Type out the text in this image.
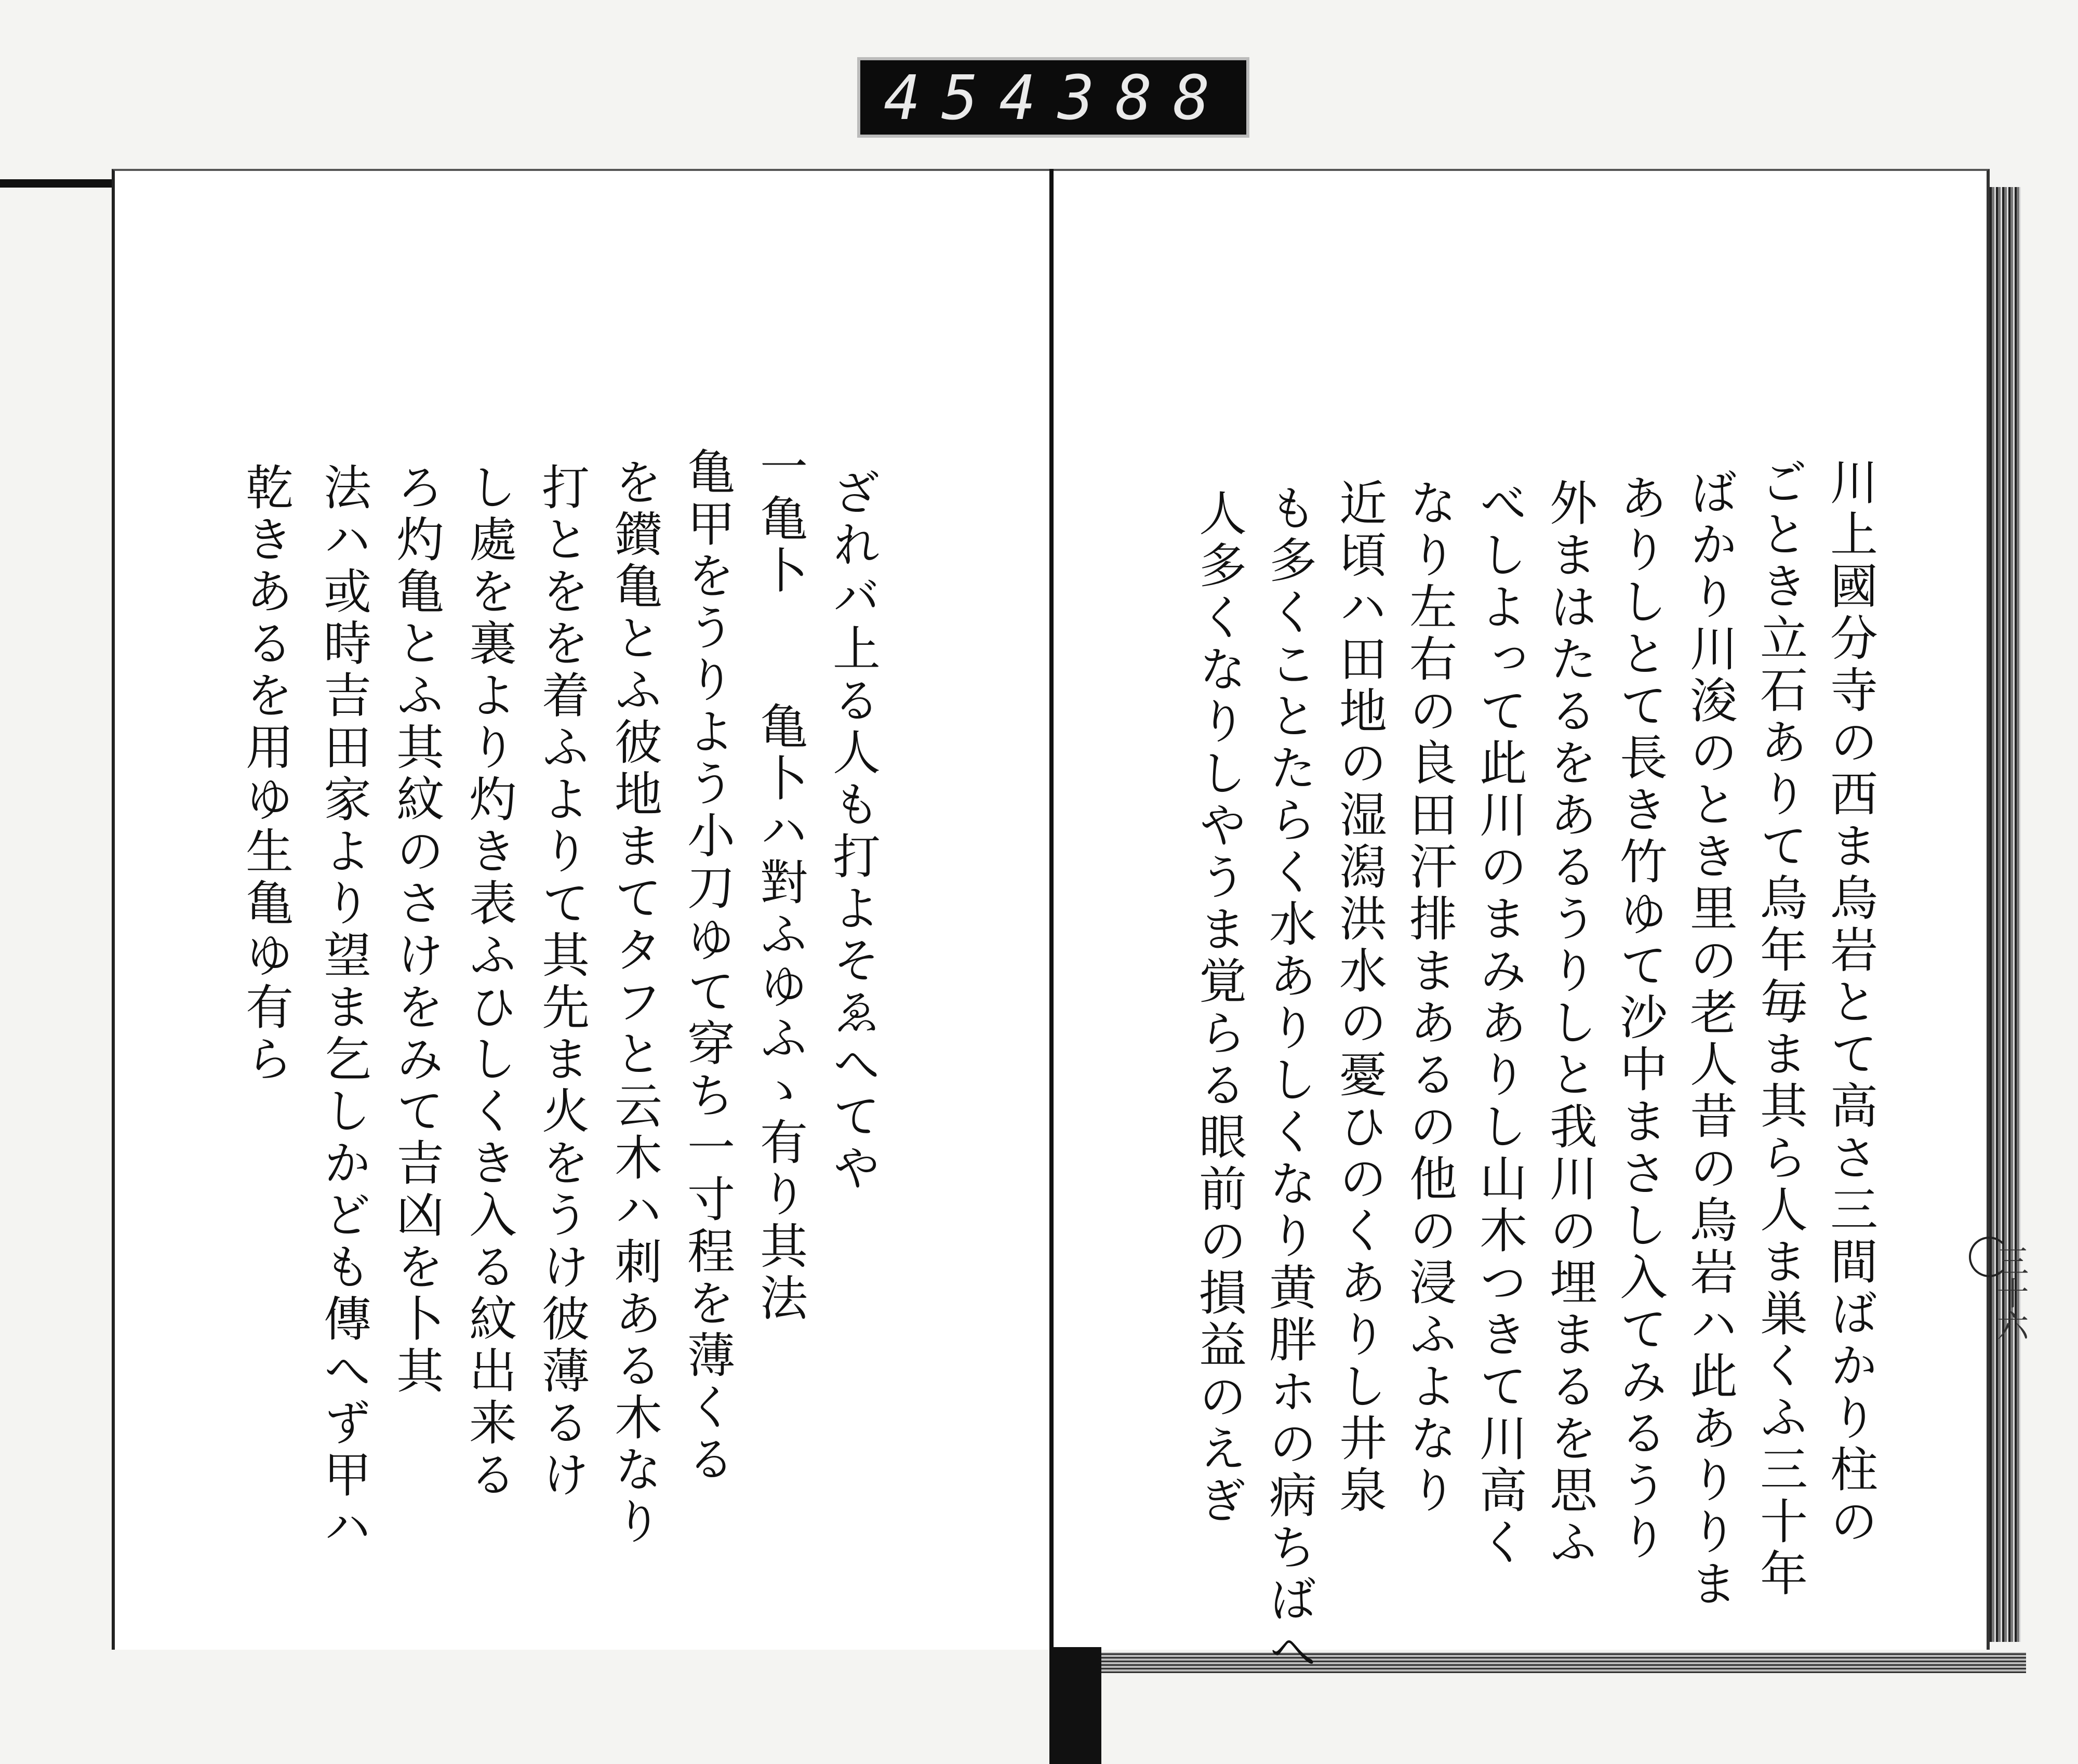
454 388
ざれバ上る人も打よそゑへてや
一亀卜　　亀卜ハ對ふゆふゝ有り其法
亀甲をうりよう小刀ゆて穿ち一寸程を薄くる
を鑚亀とふ彼地まてタフと云木ハ刺ある木なり
打とをを着ふよりて其先ま火をうけ彼薄るけ
し處を裏より灼き表ふひしくき入る紋出来る
ろ灼亀とふ其紋のさけをみて吉凶を卜其
法ハ或時吉田家より望ま乞しかども傳へず甲ハ
乾きあるを用ゆ生亀ゆ有ら	川上國分寺の西ま烏岩とて高さ三間ばかり柱の
ごとき立石ありて烏年毎ま其ら人ま巣くふ三十年
ばかり川浚のとき里の老人昔の烏岩ハ此ありりま
ありしとて長き竹ゆて沙中まさし入てみるうり
外まはたるをあるうりしと我川の埋まるを思ふ
べしよって此川のまみありし山木つきて川高く
なり左右の良田汗排まあるの他の浸ふよなり
近頃ハ田地の湿潟洪水の憂ひのくありし井泉
も多くことたらく水ありしくなり黄胖ホの病ちばへ
人多くなりしやうま覚らる眼前の損益のえぎ	三十六
